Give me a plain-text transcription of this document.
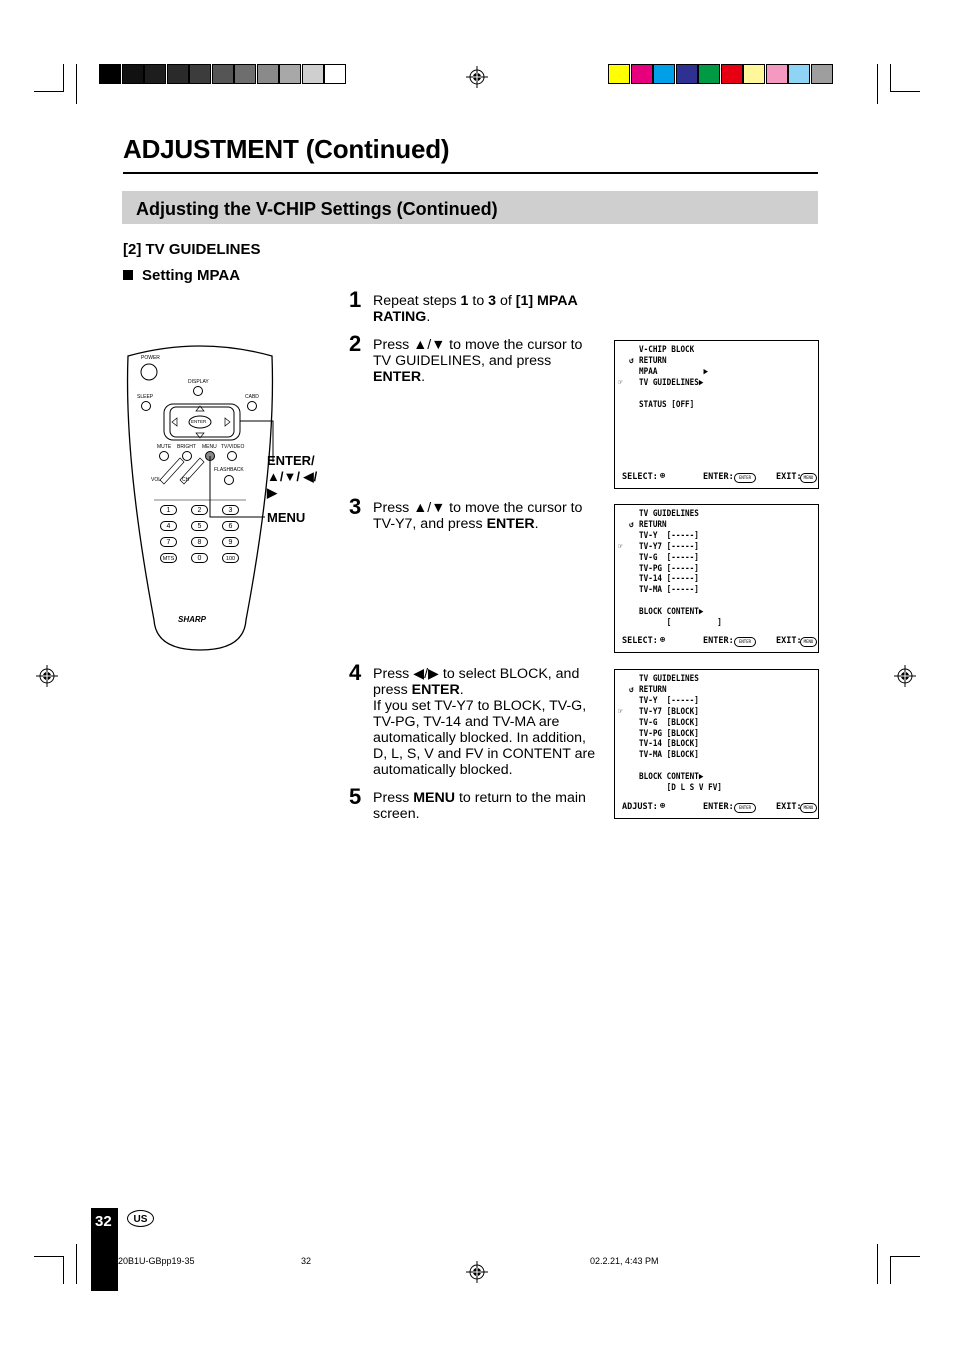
ADJUSTMENT (Continued)
Adjusting the V-CHIP Settings (Continued)
[2] TV GUIDELINES
Setting MPAA
1 Repeat steps 1 to 3 of [1] MPAA RATING.
2 Press ▲/▼ to move the cursor to TV GUIDELINES, and press ENTER.
3 Press ▲/▼ to move the cursor to TV-Y7, and press ENTER.
4 Press ◀/▶ to select BLOCK, and press ENTER.
If you set TV-Y7 to BLOCK, TV-G, TV-PG, TV-14 and TV-MA are automatically blocked. In addition, D, L, S, V and FV in CONTENT are automatically blocked.
5 Press MENU to return to the main screen.
SELECT: ⊕	ENTER:	ENTER	EXIT: MENU
V-CHIP BLOCK
RETURN
MPAA          ▶
TV GUIDELINES▶
STATUS [OFF]
↺
☞
SELECT: ⊕	ENTER:	ENTER	EXIT: MENU
TV GUIDELINES
RETURN
TV-Y  [-----]
TV-Y7 [-----]
TV-G  [-----]
TV-PG [-----]
TV-14 [-----]
TV-MA [-----]
BLOCK CONTENT▶
[          ]
↺
☞
ADJUST: ⊕	ENTER:	ENTER	EXIT: MENU
TV GUIDELINES
RETURN
TV-Y  [-----]
TV-Y7 [BLOCK]
TV-G  [BLOCK]
TV-PG [BLOCK]
TV-14 [BLOCK]
TV-MA [BLOCK]
BLOCK CONTENT▶
[D L S V FV]
↺
☞
POWER
DISPLAY
SLEEP	CABD
ENTER
MUTE BRIGHT MENU TV/VIDEO
FLASHBACK
VOL	CH
1	2	3
4	5	6
7	8	9
MTS	0	100
SHARP
ENTER/ ▲/▼/ ◀/▶
MENU
32	US
20B1U-GBpp19-35	32	02.2.21, 4:43 PM
